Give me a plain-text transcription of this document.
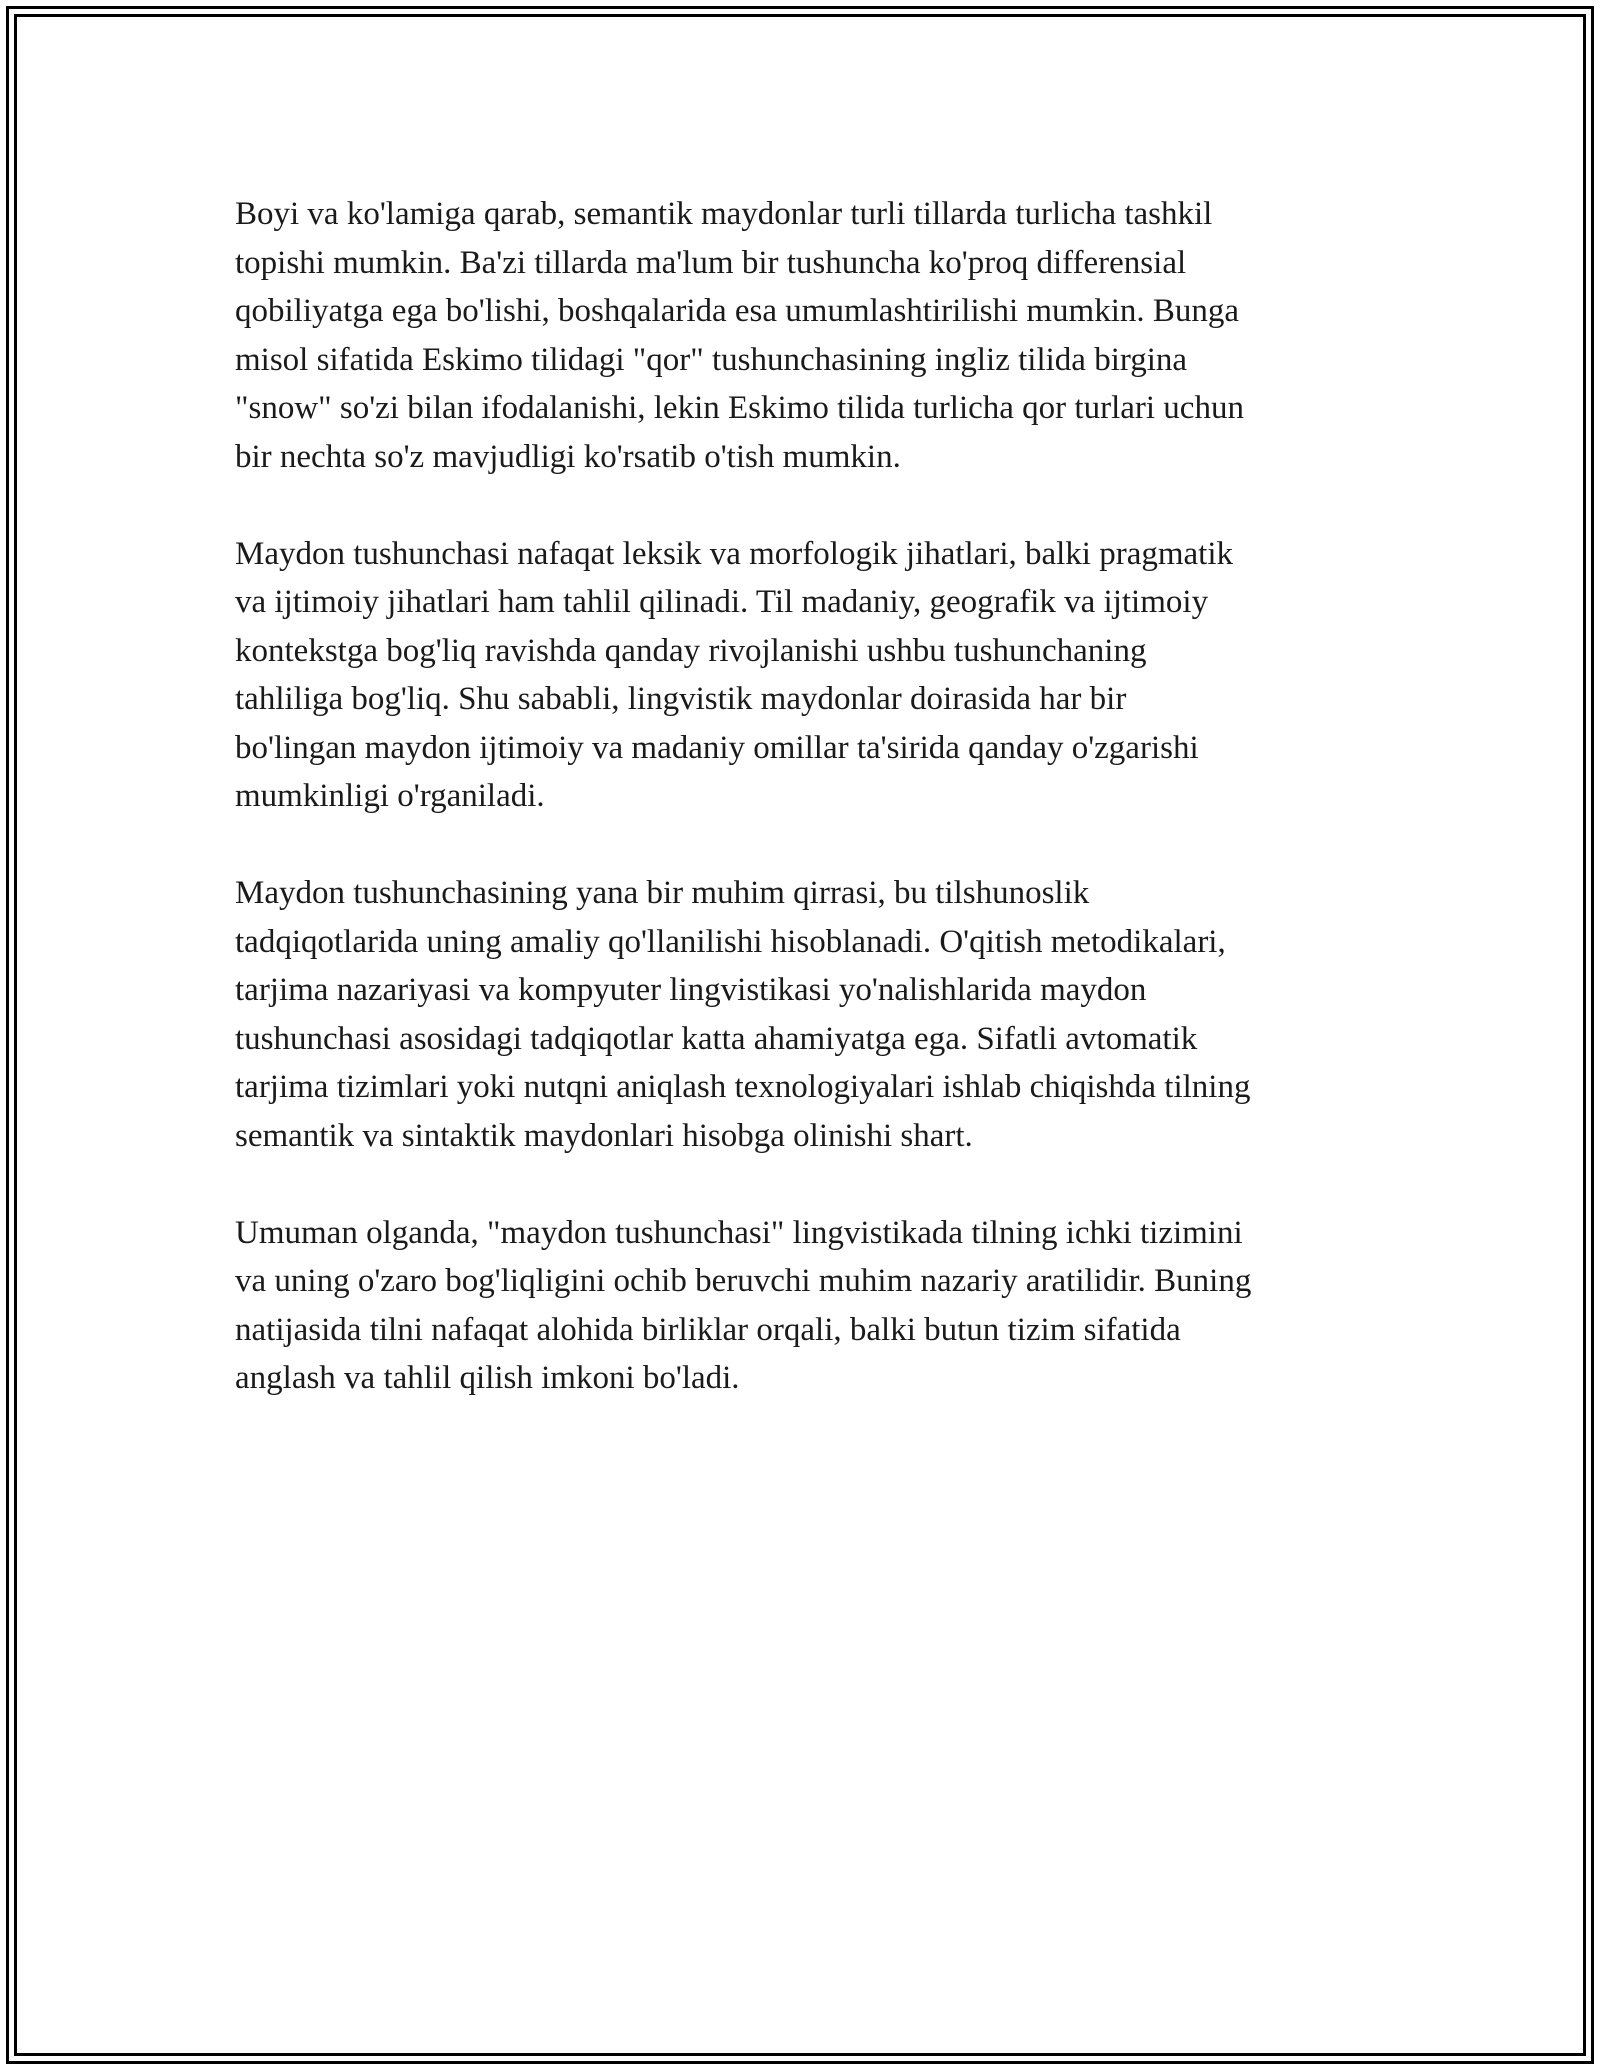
Boyi va ko'lamiga qarab, semantik maydonlar turli tillarda turlicha tashkil
topishi mumkin. Ba'zi tillarda ma'lum bir tushuncha ko'proq differensial
qobiliyatga ega bo'lishi, boshqalarida esa umumlashtirilishi mumkin. Bunga
misol sifatida Eskimo tilidagi "qor" tushunchasining ingliz tilida birgina
"snow" so'zi bilan ifodalanishi, lekin Eskimo tilida turlicha qor turlari uchun
bir nechta so'z mavjudligi ko'rsatib o'tish mumkin.

Maydon tushunchasi nafaqat leksik va morfologik jihatlari, balki pragmatik
va ijtimoiy jihatlari ham tahlil qilinadi. Til madaniy, geografik va ijtimoiy
kontekstga bog'liq ravishda qanday rivojlanishi ushbu tushunchaning
tahliliga bog'liq. Shu sababli, lingvistik maydonlar doirasida har bir
bo'lingan maydon ijtimoiy va madaniy omillar ta'sirida qanday o'zgarishi
mumkinligi o'rganiladi.

Maydon tushunchasining yana bir muhim qirrasi, bu tilshunoslik
tadqiqotlarida uning amaliy qo'llanilishi hisoblanadi. O'qitish metodikalari,
tarjima nazariyasi va kompyuter lingvistikasi yo'nalishlarida maydon
tushunchasi asosidagi tadqiqotlar katta ahamiyatga ega. Sifatli avtomatik
tarjima tizimlari yoki nutqni aniqlash texnologiyalari ishlab chiqishda tilning
semantik va sintaktik maydonlari hisobga olinishi shart.

Umuman olganda, "maydon tushunchasi" lingvistikada tilning ichki tizimini
va uning o'zaro bog'liqligini ochib beruvchi muhim nazariy aratilidir. Buning
natijasida tilni nafaqat alohida birliklar orqali, balki butun tizim sifatida
anglash va tahlil qilish imkoni bo'ladi.
